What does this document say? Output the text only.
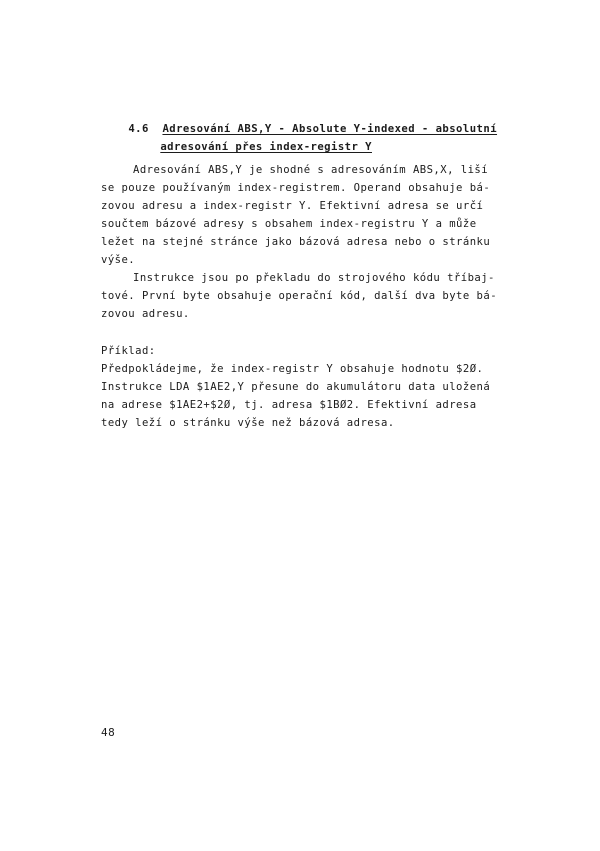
4.6 Adresování ABS,Y - Absolute Y-indexed - absolutní

adresování přes index-registr Y

Adresování ABS,Y je shodné s adresováním ABS,X, liší
se pouze používaným index-registrem. Operand obsahuje bá-
zovou adresu a index-registr Y. Efektivní adresa se určí
součtem bázové adresy s obsahem index-registru Y a může
ležet na stejné stránce jako bázová adresa nebo o stránku
výše.
Instrukce jsou po překladu do strojového kódu tříbaj-
tové. První byte obsahuje operační kód, další dva byte bá-
zovou adresu.
Příklad:
Předpokládejme, že index-registr Y obsahuje hodnotu $2Ø.
Instrukce LDA $1AE2,Y přesune do akumulátoru data uložená
na adrese $1AE2+$2Ø, tj. adresa $1BØ2. Efektivní adresa
tedy leží o stránku výše než bázová adresa.
48
